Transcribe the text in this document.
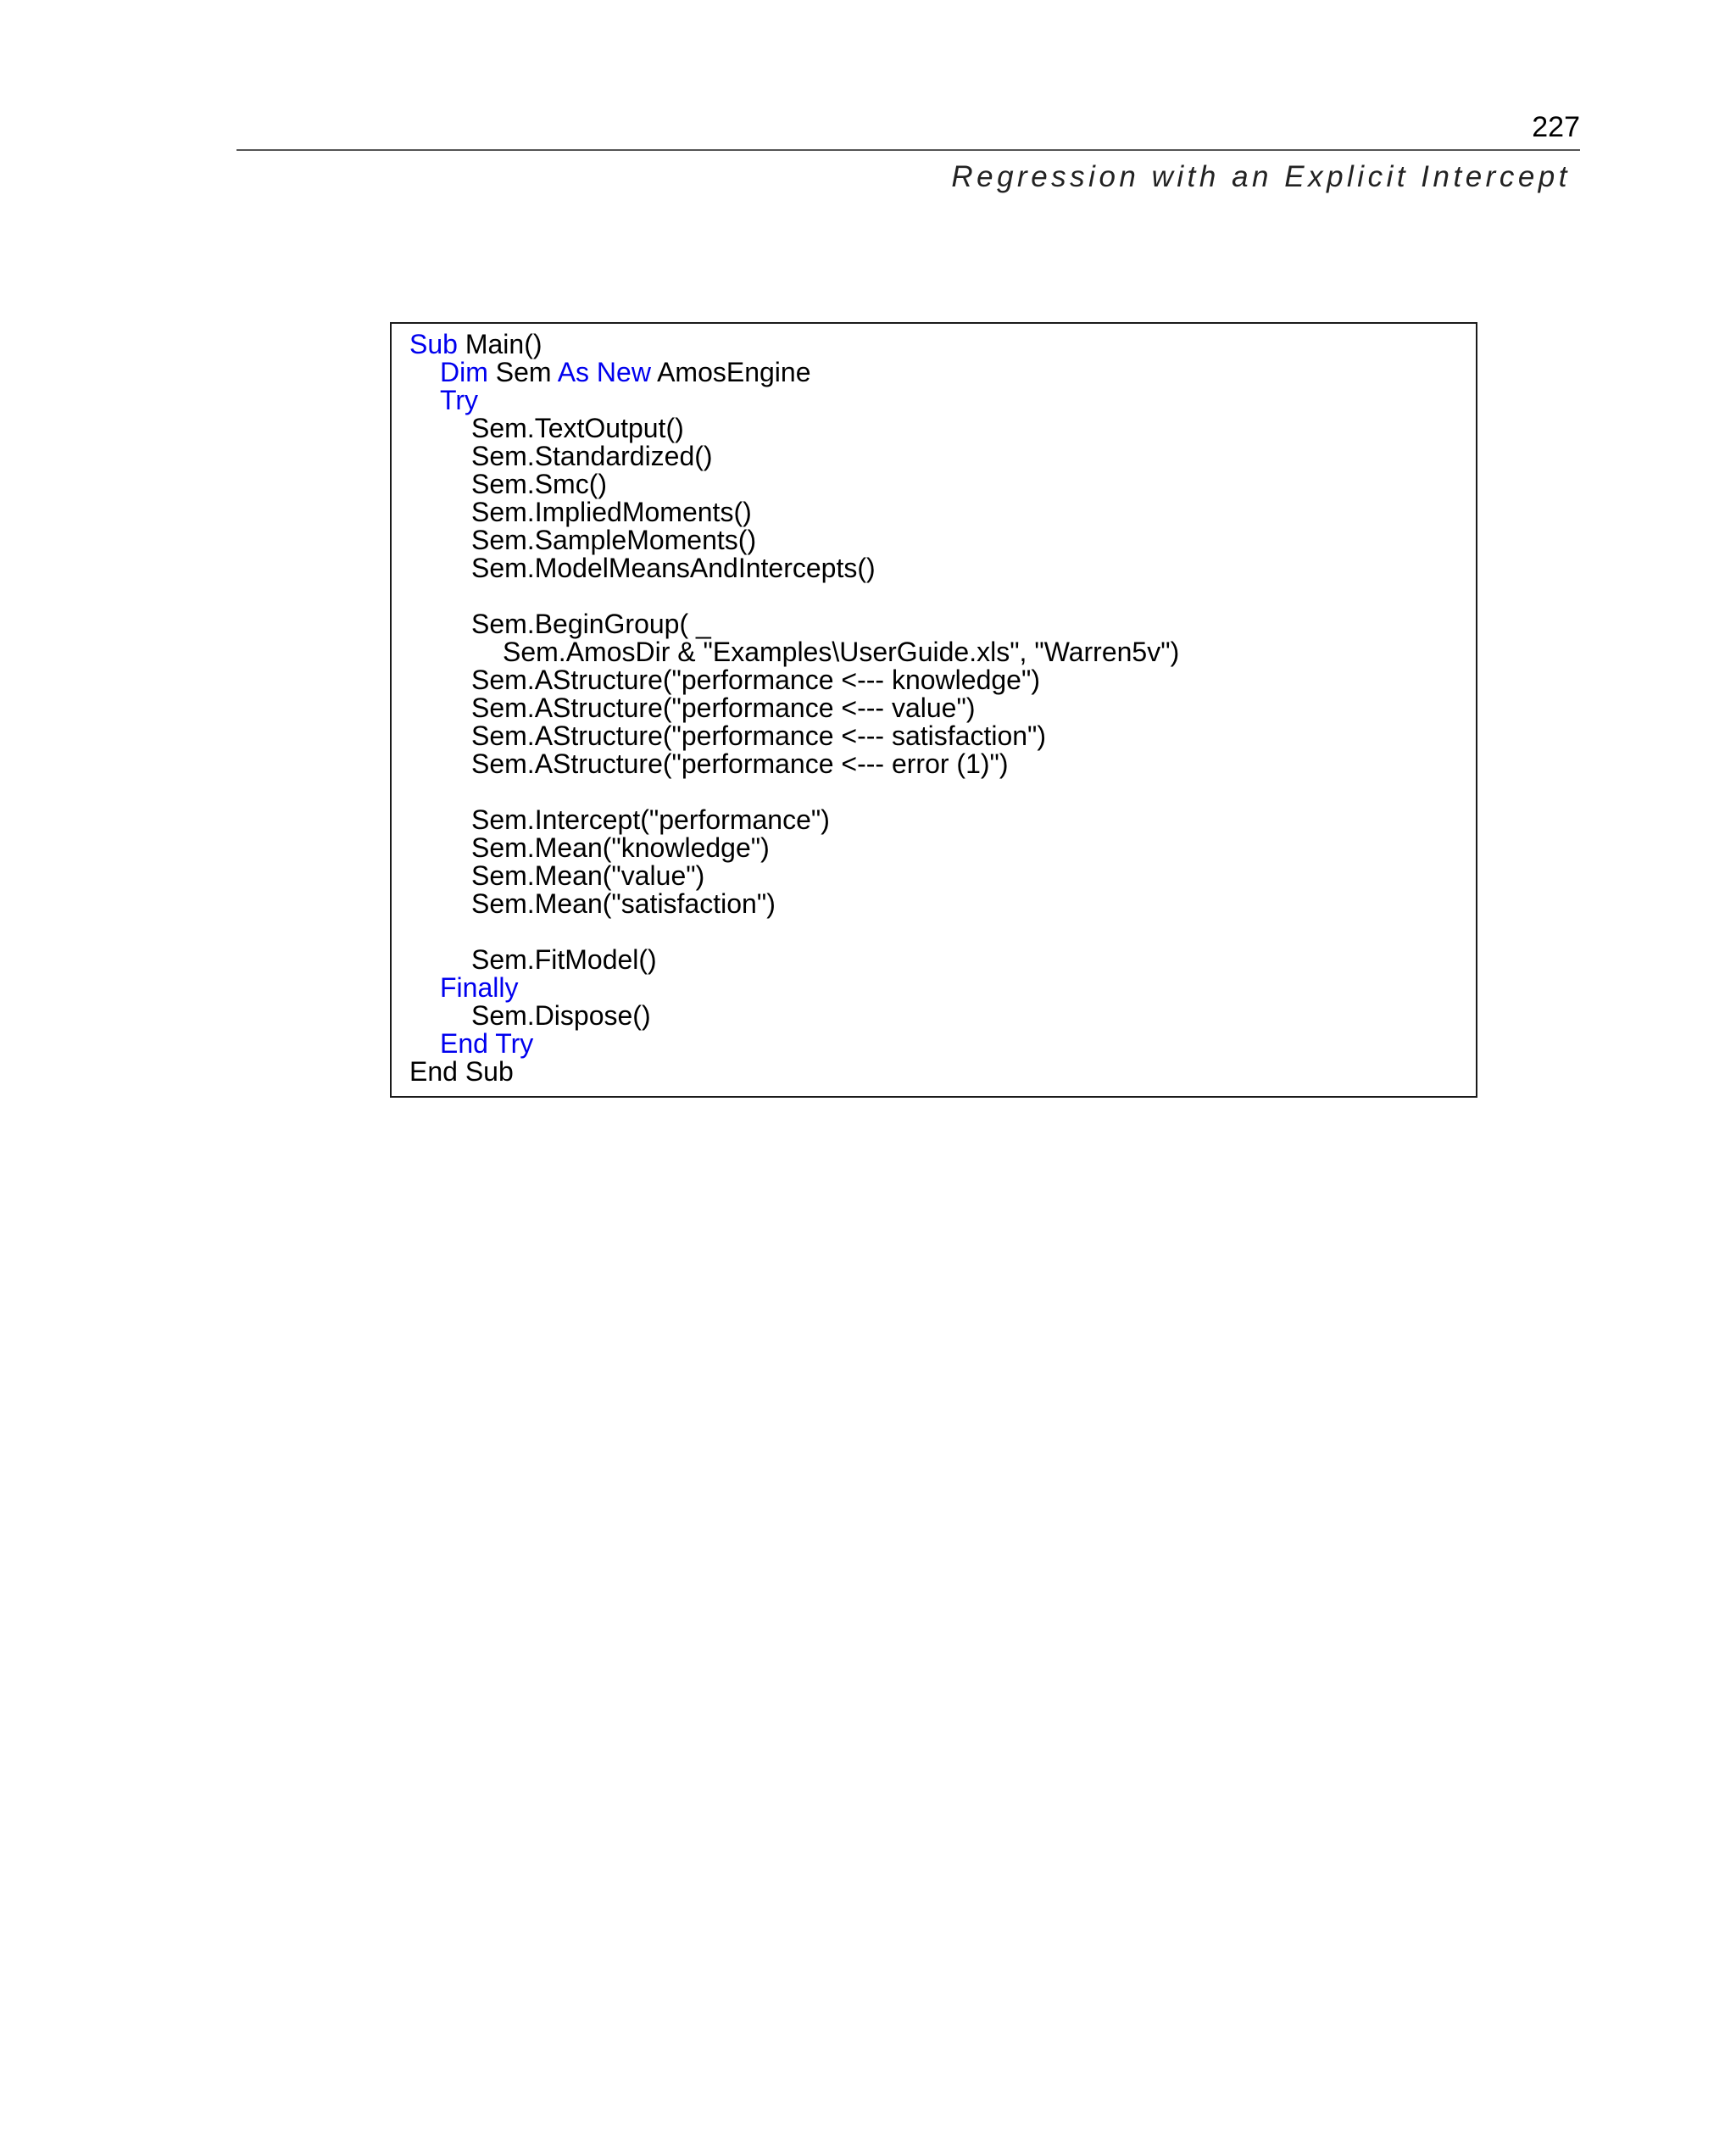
227
Regression with an Explicit Intercept
Sub Main()
Dim Sem As New AmosEngine
Try
Sem.TextOutput()
Sem.Standardized()
Sem.Smc()
Sem.ImpliedMoments()
Sem.SampleMoments()
Sem.ModelMeansAndIntercepts()
Sem.BeginGroup( _
Sem.AmosDir & "Examples\UserGuide.xls", "Warren5v")
Sem.AStructure("performance <--- knowledge")
Sem.AStructure("performance <--- value")
Sem.AStructure("performance <--- satisfaction")
Sem.AStructure("performance <--- error (1)")
Sem.Intercept("performance")
Sem.Mean("knowledge")
Sem.Mean("value")
Sem.Mean("satisfaction")
Sem.FitModel()
Finally
Sem.Dispose()
End Try
End Sub
